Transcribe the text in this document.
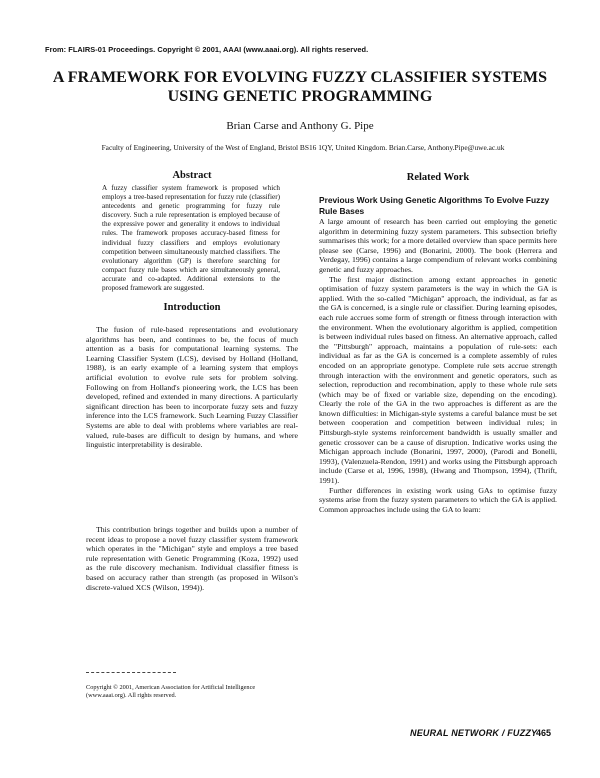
From: FLAIRS-01 Proceedings. Copyright © 2001, AAAI (www.aaai.org). All rights reserved.
A FRAMEWORK FOR EVOLVING FUZZY CLASSIFIER SYSTEMS
USING GENETIC PROGRAMMING
Brian Carse and Anthony G. Pipe
Faculty of Engineering, University of the West of England, Bristol BS16 1QY, United Kingdom. Brian.Carse, Anthony.Pipe@uwe.ac.uk
Abstract

A fuzzy classifier system framework is proposed which employs a tree-based representation for fuzzy rule (classifier) antecedents and genetic programming for fuzzy rule discovery. Such a rule representation is employed because of the expressive power and generality it endows to individual rules. The framework proposes accuracy-based fitness for individual fuzzy classifiers and employs evolutionary competition between simultaneously matched classifiers. The evolutionary algorithm (GP) is therefore searching for compact fuzzy rule bases which are simultaneously general, accurate and co-adapted. Additional extensions to the proposed framework are suggested.

Introduction

The fusion of rule-based representations and evolutionary algorithms has been, and continues to be, the focus of much attention as a basis for computational learning systems. The Learning Classifier System (LCS), devised by Holland (Holland, 1988), is an early example of a learning system that employs artificial evolution to evolve rule sets for problem solving. Following on from Holland's pioneering work, the LCS has been developed, refined and extended in many directions. A particularly significant direction has been to incorporate fuzzy sets and fuzzy inference into the LCS framework. Such Learning Fuzzy Classifier Systems are able to deal with problems where variables are real-valued, rule-bases are difficult to design by humans, and where linguistic interpretability is desirable.

This contribution brings together and builds upon a number of recent ideas to propose a novel fuzzy classifier system framework which operates in the "Michigan" style and employs a tree based rule representation with Genetic Programming (Koza, 1992) used as the rule discovery mechanism. Individual classifier fitness is based on accuracy rather than strength (as proposed in Wilson's discrete-valued XCS (Wilson, 1994)).

Copyright © 2001, American Association for Artificial Intelligence
(www.aaai.org). All rights reserved.
Related Work

Previous Work Using Genetic Algorithms To Evolve Fuzzy Rule Bases

A large amount of research has been carried out employing the genetic algorithm in determining fuzzy system parameters. This subsection briefly summarises this work; for a more detailed overview than space permits here please see (Carse, 1996) and (Bonarini, 2000). The book (Herrera and Verdegay, 1996) contains a large compendium of relevant works combining genetic and fuzzy approaches.

The first major distinction among extant approaches in genetic optimisation of fuzzy system parameters is the way in which the GA is applied. With the so-called "Michigan" approach, the individual, as far as the GA is concerned, is a single rule or classifier. During learning episodes, each rule accrues some form of strength or fitness through interaction with the environment. When the evolutionary algorithm is applied, competition is between individual rules based on fitness. An alternative approach, called the "Pittsburgh" approach, maintains a population of rule-sets: each individual as far as the GA is concerned is a complete assembly of rules encoded on an appropriate genotype. Complete rule sets accrue strength through interaction with the environment and genetic operators, such as selection, reproduction and recombination, apply to these whole rule sets (which may be of fixed or variable size, depending on the encoding). Clearly the role of the GA in the two approaches is different as are the known difficulties: in Michigan-style systems a careful balance must be set between cooperation and competition between individual rules; in Pittsburgh-style systems reinforcement bandwidth is usually smaller and genetic crossover can be a cause of disruption. Indicative works using the Michigan approach include (Bonarini, 1997, 2000), (Parodi and Bonelli, 1993), (Valenzuela-Rendon, 1991) and works using the Pittsburgh approach include (Carse et al, 1996, 1998), (Hwang and Thompson, 1994), (Thrift, 1991).

Further differences in existing work using GAs to optimise fuzzy systems arise from the fuzzy system parameters to which the GA is applied. Common approaches include using the GA to learn:

NEURAL NETWORK / FUZZY
465
